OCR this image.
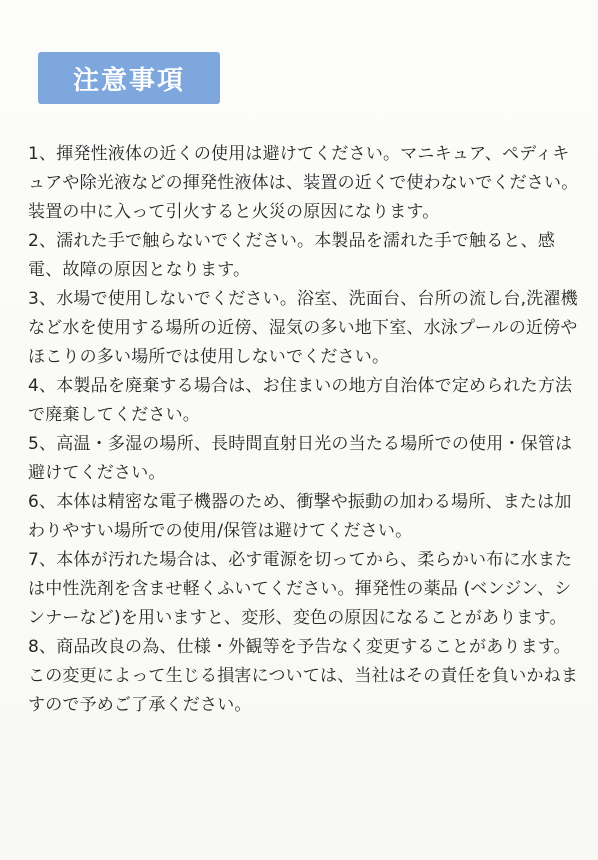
注意事項

1、揮発性液体の近くの使用は避けてください。マニキュア、ペディキュアや除光液などの揮発性液体は、装置の近くで使わないでください。装置の中に入って引火すると火災の原因になります。

2、濡れた手で触らないでください。本製品を濡れた手で触ると、感電、故障の原因となります。

3、水場で使用しないでください。浴室、洗面台、台所の流し台,洗濯機など水を使用する場所の近傍、湿気の多い地下室、水泳プールの近傍やほこりの多い場所では使用しないでください。

4、本製品を廃棄する場合は、お住まいの地方自治体で定められた方法で廃棄してください。

5、高温・多湿の場所、長時間直射日光の当たる場所での使用・保管は避けてください。

6、本体は精密な電子機器のため、衝撃や振動の加わる場所、または加わりやすい場所での使用/保管は避けてください。

7、本体が汚れた場合は、必す電源を切ってから、柔らかい布に水または中性洗剤を含ませ軽くふいてください。揮発性の薬品 (ベンジン、シンナーなど)を用いますと、変形、変色の原因になることがあります。

8、商品改良の為、仕様・外観等を予告なく変更することがあります。この変更によって生じる損害については、当社はその責任を負いかねますので予めご了承ください。
